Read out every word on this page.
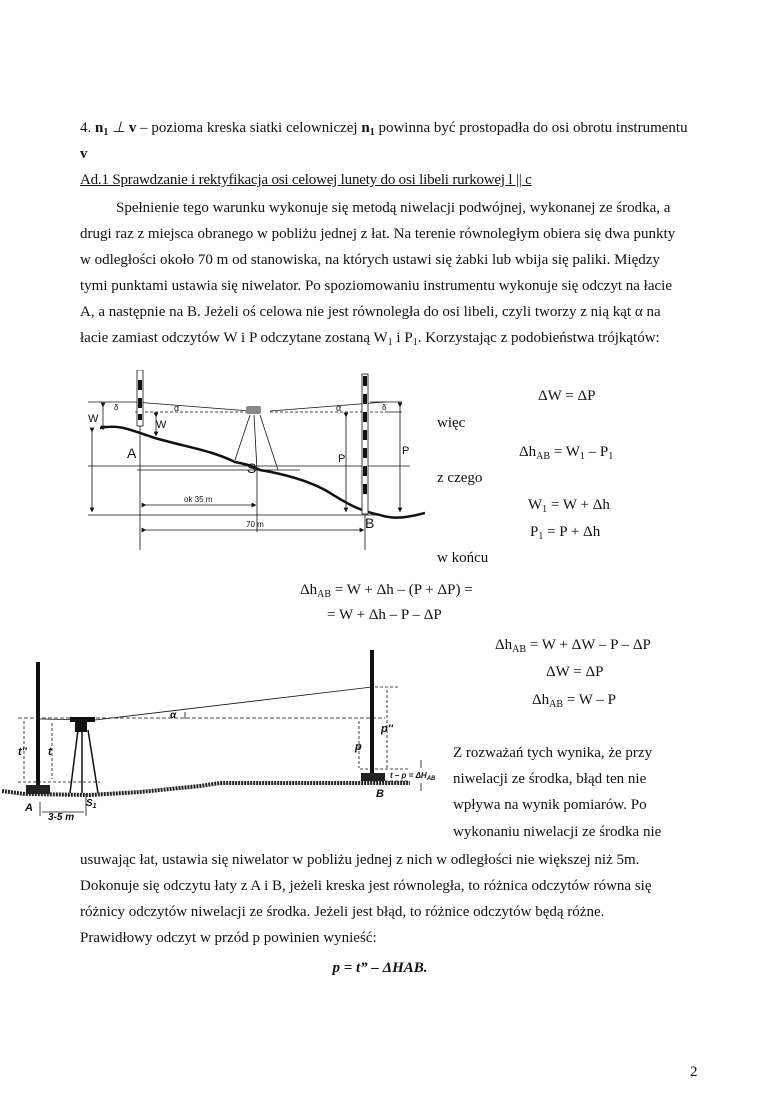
4. $n_1$ ⊥ v – pozioma kreska siatki celowniczej $n_1$ powinna być prostopadła do osi obrotu instrumentu
v
Ad.1 Sprawdzanie i rektyfikacja osi celowej lunety do osi libeli rurkowej l || c
Spełnienie tego warunku wykonuje się metodą niwelacji podwójnej, wykonanej ze środka, a
drugi raz z miejsca obranego w pobliżu jednej z łat. Na terenie równoległym obiera się dwa punkty
w odległości około 70 m od stanowiska, na których ustawi się żabki lub wbija się paliki. Między
tymi punktami ustawia się niwelator. Po spoziomowaniu instrumentu wykonuje się odczyt na łacie
A, a następnie na B. Jeżeli oś celowa nie jest równoległa do osi libeli, czyli tworzy z nią kąt α na
łacie zamiast odczytów W i P odczytane zostaną $W_1$ i $P_1$. Korzystając z podobieństwa trójkątów:
W	W
δ	δ
α	α
A
S
P
P
B
ok 35 m
70 m
ΔW = ΔP
więc
$\Delta h_{AB} = W_1 - P_1$
z czego
$W_1 = W + \Delta h$
$P_1 = P + \Delta h$
w końcu
$\Delta h_{AB} = W + \Delta h - (P + \Delta P)$ =
= W + Δh – P – ΔP
$\Delta h_{AB} = W + \Delta W - P - \Delta P$
ΔW = ΔP
$\Delta h_{AB} = W - P$
t'' t
α
p
p''
$t - p = \Delta H_{AB}$
A	$S_1$
B
3-5 m
Z rozważań tych wynika, że przy
niwelacji ze środka, błąd ten nie
wpływa na wynik pomiarów. Po
wykonaniu niwelacji ze środka nie
usuwając łat, ustawia się niwelator w pobliżu jednej z nich w odległości nie większej niż 5m.
Dokonuje się odczytu łaty z A i B, jeżeli kreska jest równoległa, to różnica odczytów równa się
różnicy odczytów niwelacji ze środka. Jeżeli jest błąd, to różnice odczytów będą różne.
Prawidłowy odczyt w przód p powinien wynieść:
p = t” – ΔHAB.
2
